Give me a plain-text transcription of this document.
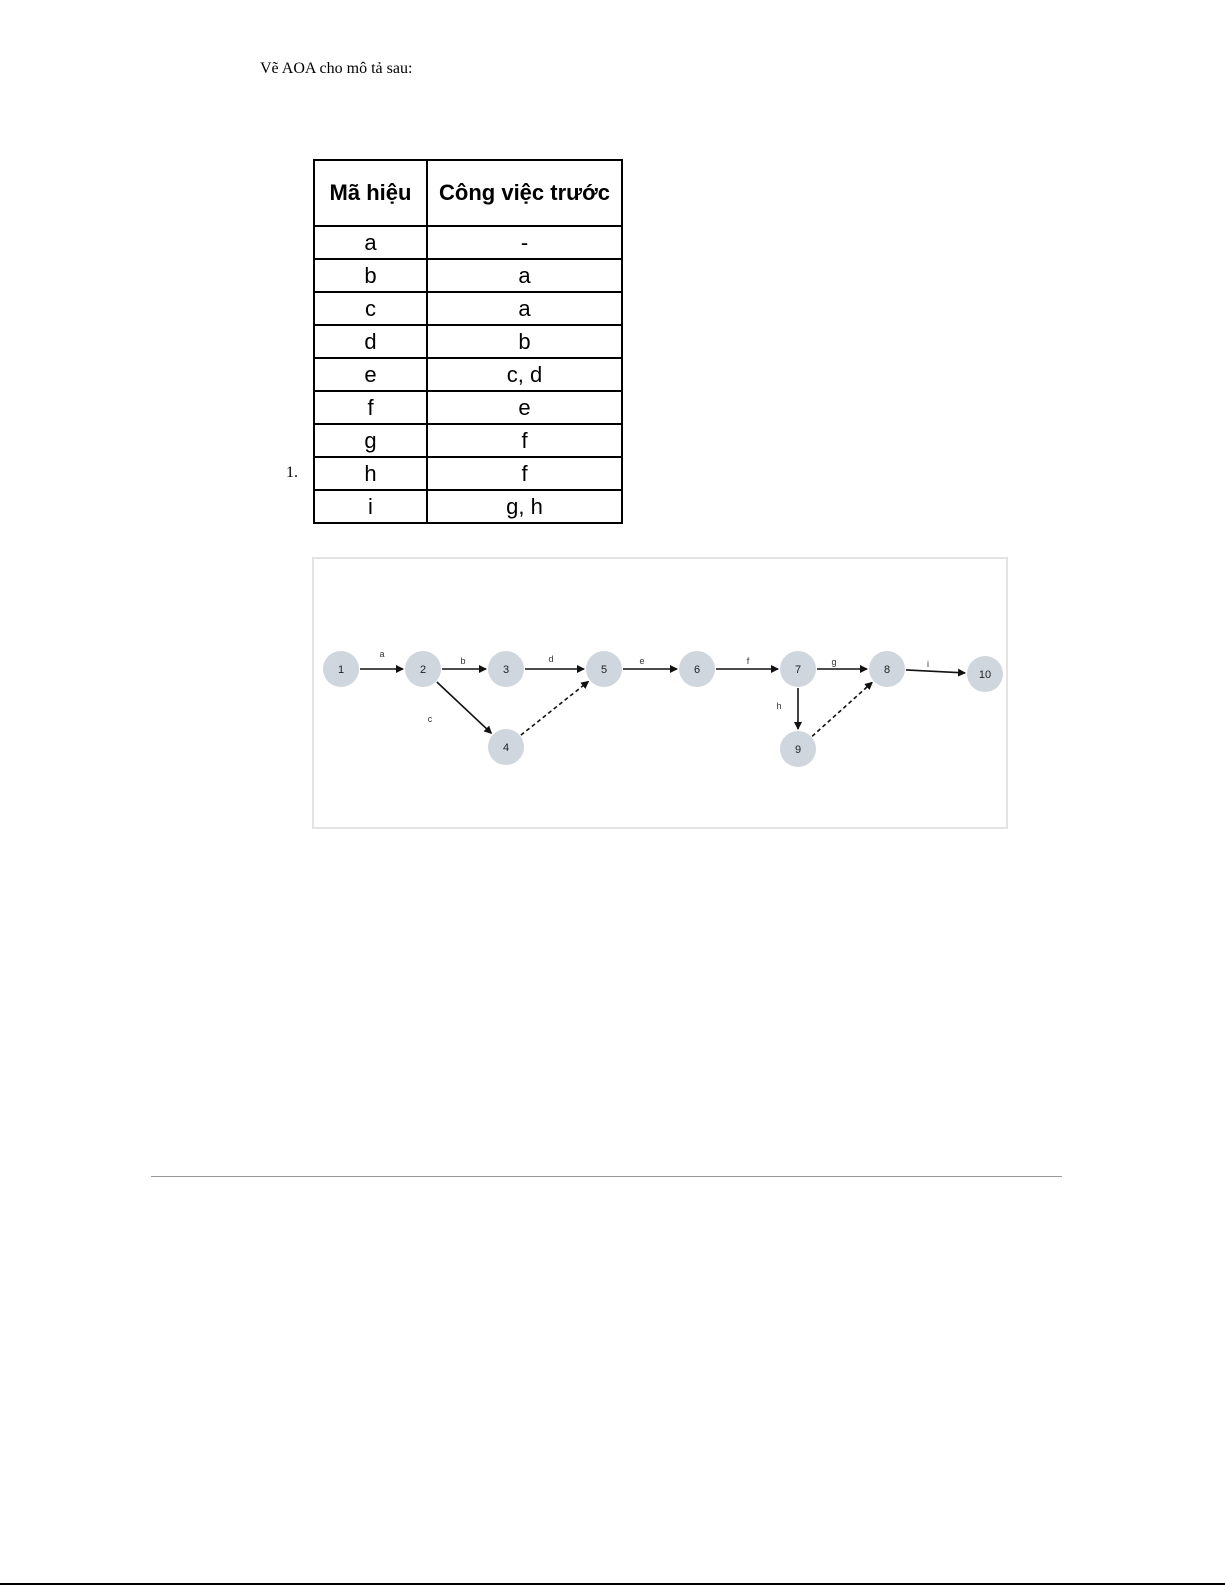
Vẽ AOA cho mô tả sau:
1.
Mã hiệu	Công việc trước
a	-
b	a
c	a
d	b
e	c, d
f	e
g	f
h	f
i	g, h
a
b
c
d	e	f	g
h
i
1	2	3
4
5	6	7	8
9
10
